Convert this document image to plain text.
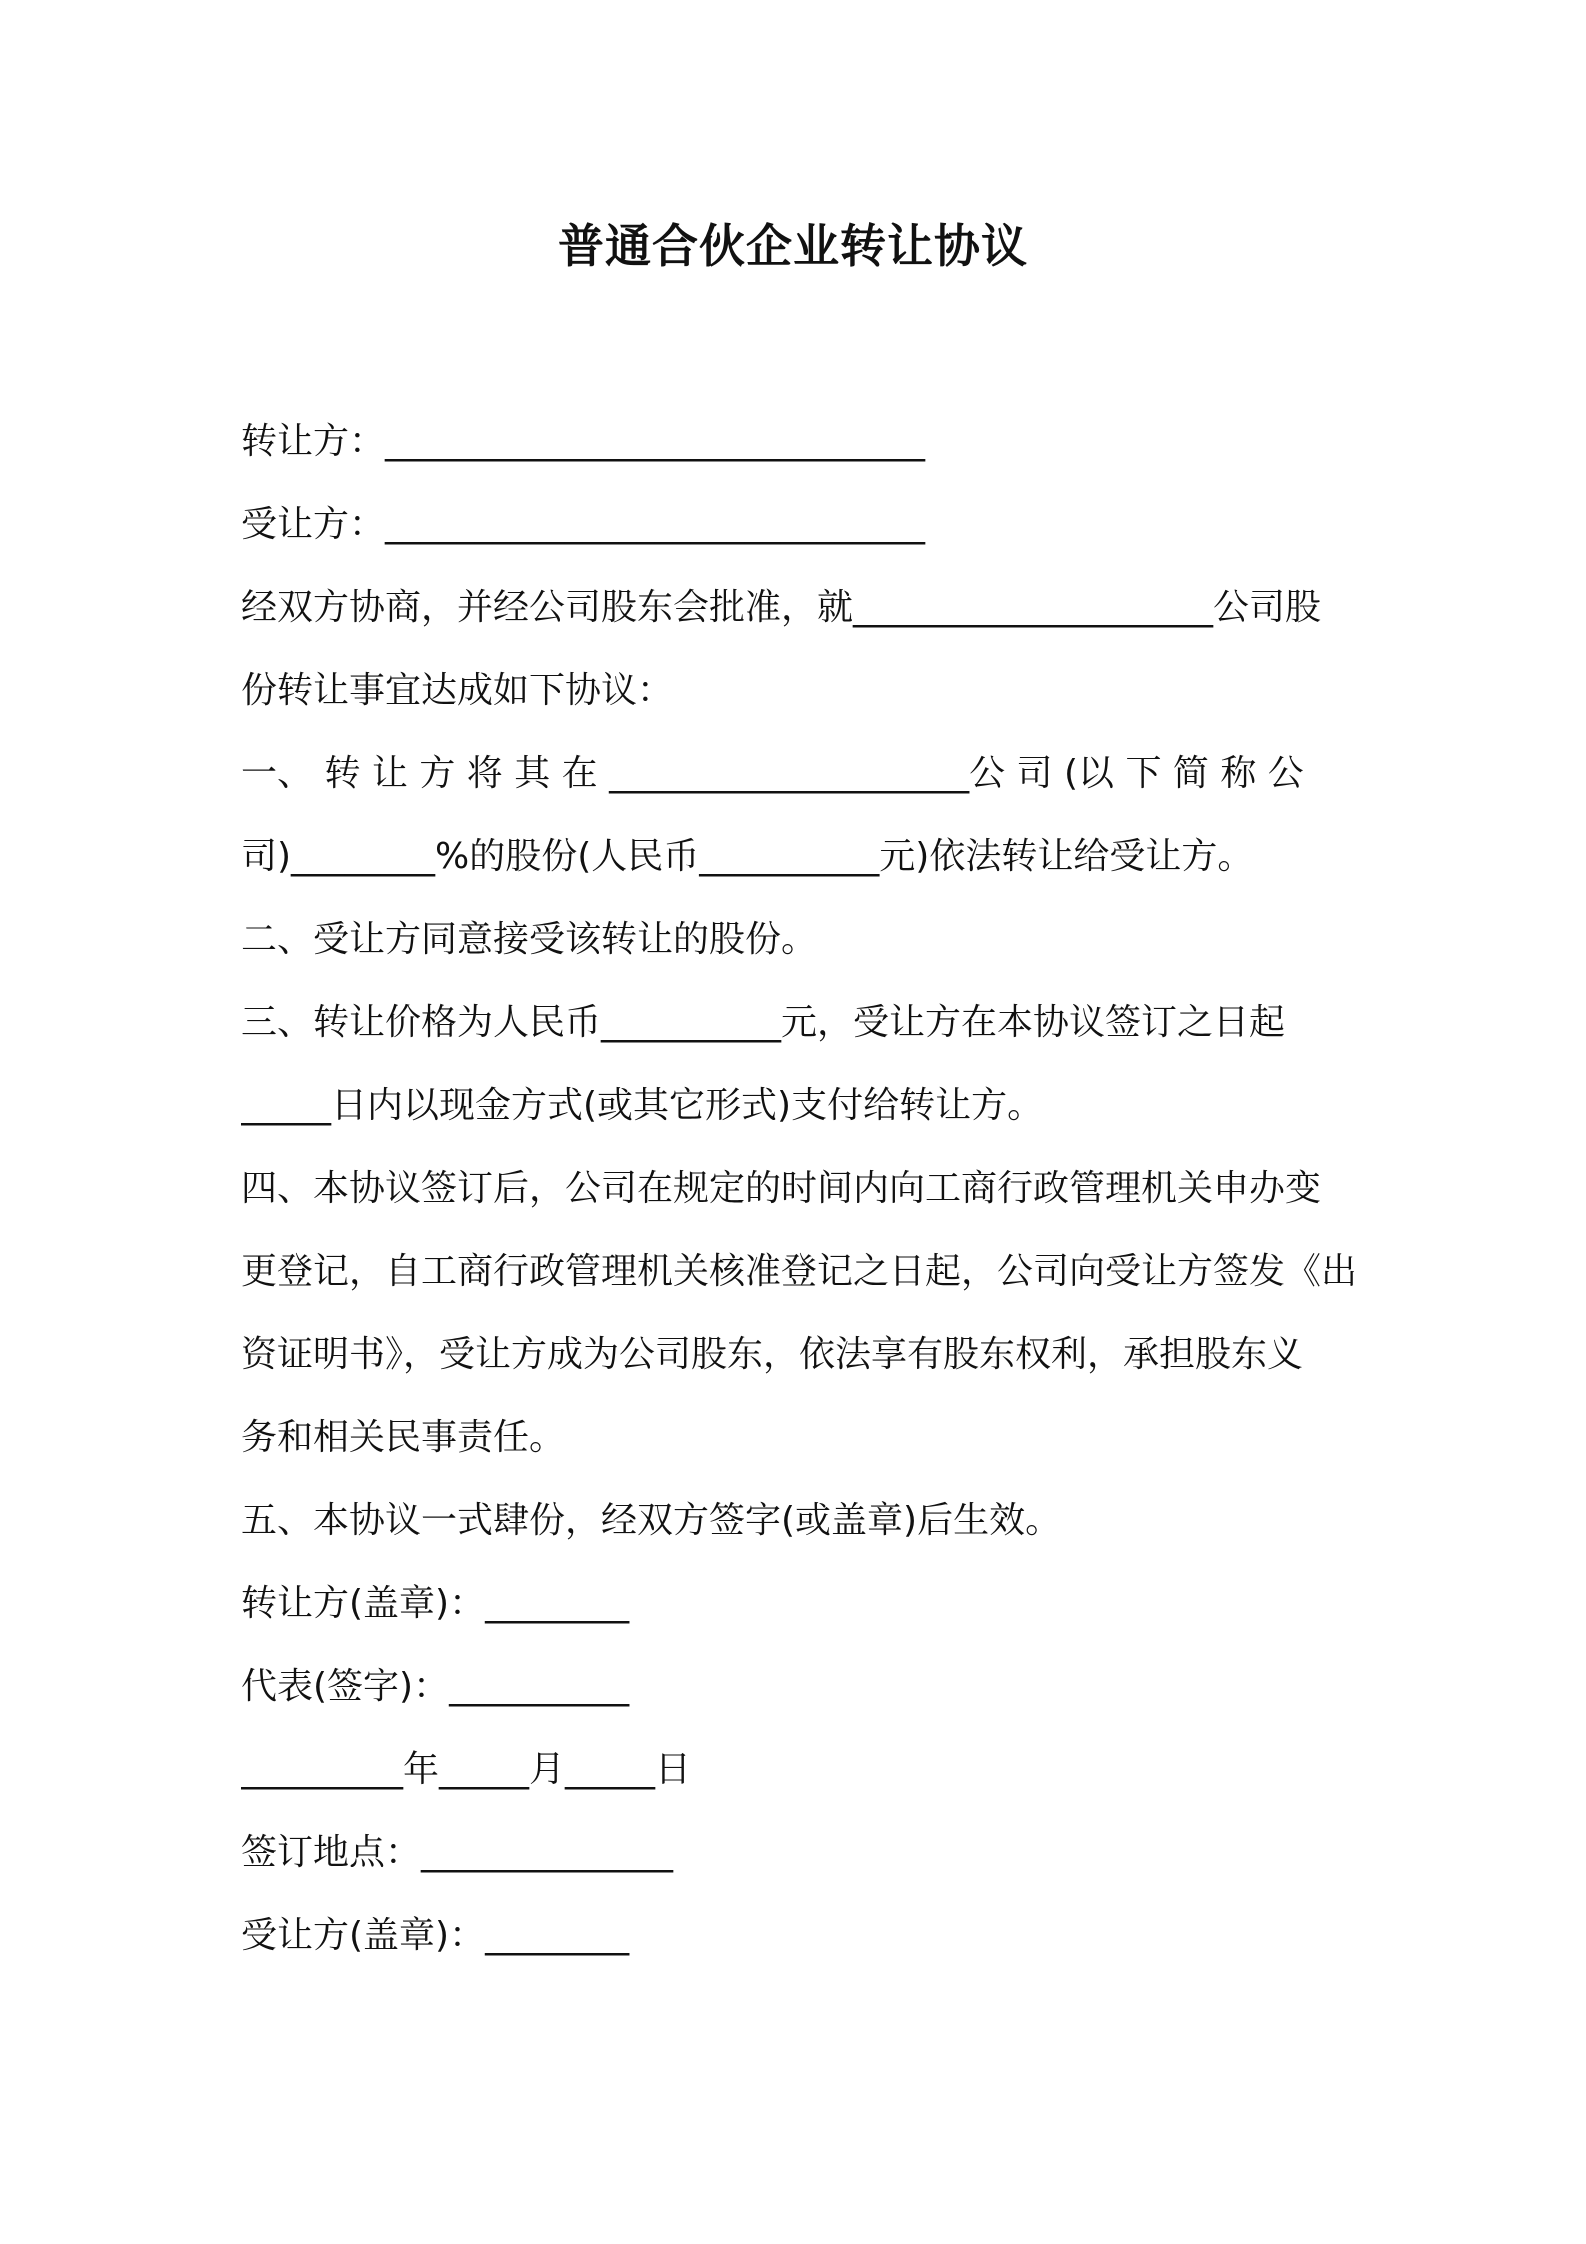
普通合伙企业转让协议
转让方：______________________________
受让方：______________________________
经双方协商，并经公司股东会批准，就____________________公司股
份转让事宜达成如下协议：
一、 转 让 方 将 其 在 ____________________公 司 (以 下 简 称 公
司)________%的股份(人民币__________元)依法转让给受让方。
二、受让方同意接受该转让的股份。
三、转让价格为人民币__________元，受让方在本协议签订之日起
_____日内以现金方式(或其它形式)支付给转让方。
四、本协议签订后，公司在规定的时间内向工商行政管理机关申办变
更登记，自工商行政管理机关核准登记之日起，公司向受让方签发《出
资证明书》，受让方成为公司股东，依法享有股东权利，承担股东义
务和相关民事责任。
五、本协议一式肆份，经双方签字(或盖章)后生效。
转让方(盖章)：________
代表(签字)：__________
_________年_____月_____日
签订地点：______________
受让方(盖章)：________
